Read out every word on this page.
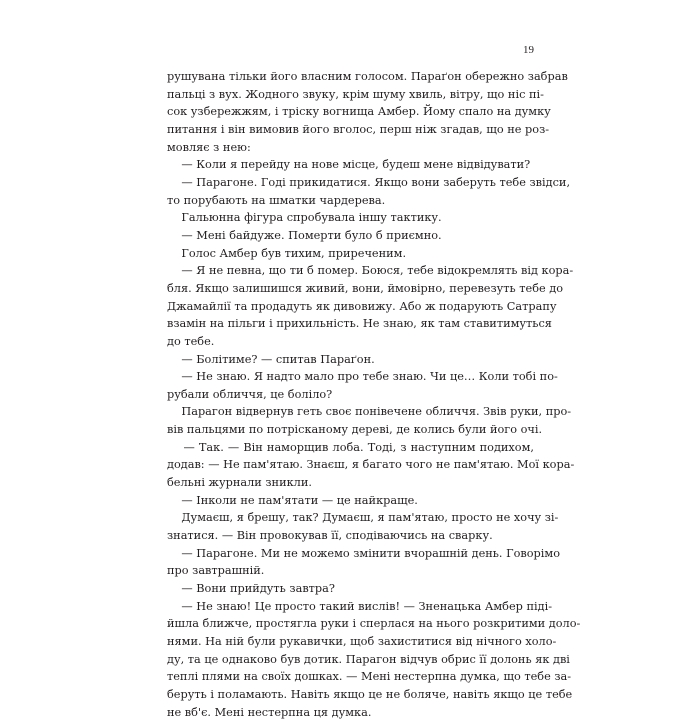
19

рушувана тільки його власним голосом. Параґон обережно забрав

пальці з вух. Жодного звуку, крім шуму хвиль, вітру, що ніс пі-

сок узбережжям, і тріску вогнища Амбер. Йому спало на думку

питання і він вимовив його вголос, перш ніж згадав, що не роз-

мовляє з нею:

— Коли я перейду на нове місце, будеш мене відвідувати?

— Парагоне. Годі прикидатися. Якщо вони заберуть тебе звідси,

то порубають на шматки чардерева.

Гальюнна фігура спробувала іншу тактику.

— Мені байдуже. Померти було б приємно.

Голос Амбер був тихим, приреченим.

— Я не певна, що ти б помер. Боюся, тебе відокремлять від кора-

бля. Якщо залишишся живий, вони, ймовірно, перевезуть тебе до

Джамайлії та продадуть як дивовижу. Або ж подарують Сатрапу

взамін на пільги і прихильність. Не знаю, як там ставитимуться

до тебе.

— Болітиме? — спитав Параґон.

— Не знаю. Я надто мало про тебе знаю. Чи це… Коли тобі по-

рубали обличчя, це боліло?

Парагон відвернув геть своє понівечене обличчя. Звів руки, про-

вів пальцями по потрісканому дереві, де колись були його очі.

— Так. — Він наморщив лоба. Тоді, з наступним подихом,

додав: — Не пам'ятаю. Знаєш, я багато чого не пам'ятаю. Мої кора-

бельні журнали зникли.

— Інколи не пам'ятати — це найкраще.

Думаєш, я брешу, так? Думаєш, я пам'ятаю, просто не хочу зі-

знатися. — Він провокував її, сподіваючись на сварку.

— Парагоне. Ми не можемо змінити вчорашній день. Говорімо

про завтрашній.

— Вони прийдуть завтра?

— Не знаю! Це просто такий вислів! — Зненацька Амбер піді-

йшла ближче, простягла руки і сперлася на нього розкритими доло-

нями. На ній були рукавички, щоб захиститися від нічного холо-

ду, та це однаково був дотик. Парагон відчув обрис її долонь як дві

теплі плями на своїх дошках. — Мені нестерпна думка, що тебе за-

беруть і поламають. Навіть якщо це не боляче, навіть якщо це тебе

не вб'є. Мені нестерпна ця думка.
